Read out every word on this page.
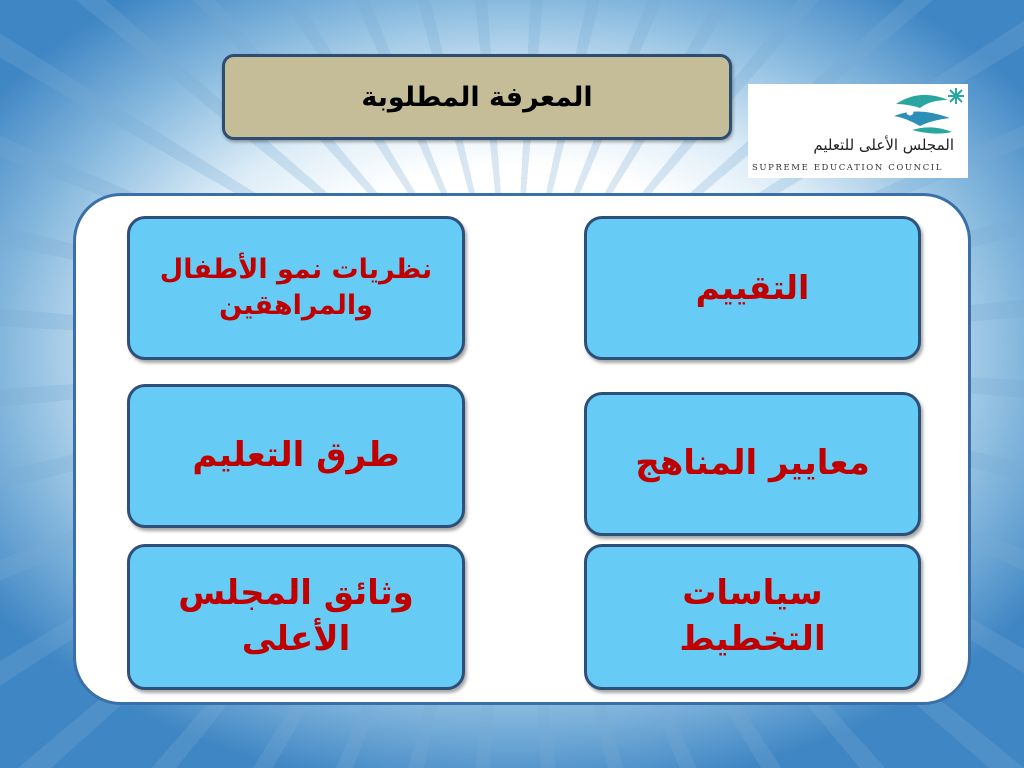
المعرفة المطلوبة
المجلس الأعلى للتعليم
SUPREME EDUCATION COUNCIL
نظريات نمو الأطفال
والمراهقين	التقييم
طرق التعليم	معايير المناهج
وثائق المجلس
الأعلى
سياسات
التخطيط
